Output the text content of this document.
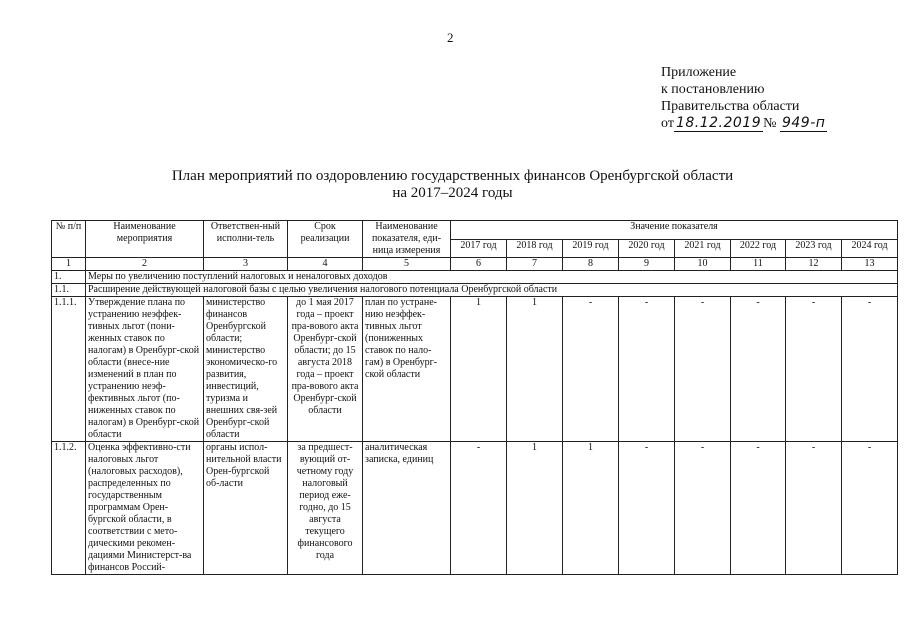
2
Приложение
к постановлению
Правительства области
от 18.12.2019 № 949-п
План мероприятий по оздоровлению государственных финансов Оренбургской области
на 2017–2024 годы
№ п/п	Наименование мероприятия	Ответствен-ный исполни-тель	Срок реализации	Наименование показателя, еди-ница измерения	Значение показателя							
					2017 год	2018 год	2019 год	2020 год	2021 год	2022 год	2023 год	2024 год
1	2	3	4	5	6	7	8	9	10	11	12	13
1.	Меры по увеличению поступлений налоговых и неналоговых доходов											
1.1.	Расширение действующей налоговой базы с целью увеличения налогового потенциала Оренбургской области											
1.1.1.	Утверждение плана по устранению неэффек-тивных льгот (пони-женных ставок по налогам) в Оренбург-ской области (внесе-ние изменений в план по устранению неэф-фективных льгот (по-ниженных ставок по налогам) в Оренбург-ской области	министерство финансов Оренбургской области; министерство экономическо-го развития, инвестиций, туризма и внешних свя-зей Оренбург-ской области	до 1 мая 2017 года – проект пра-вового акта Оренбург-ской области; до 15 августа 2018 года – проект пра-вового акта Оренбург-ской области	план по устране-нию неэффек-тивных льгот (пониженных ставок по нало-гам) в Оренбург-ской области	1	1	-	-	-	-	-	-
1.1.2.	Оценка эффективно-сти налоговых льгот (налоговых расходов), распределенных по государственным программам Орен-бургской области, в соответствии с мето-дическими рекомен-дациями Министерст-ва финансов Россий-	органы испол-нительной власти Орен-бургской об-ласти	за предшест-вующий от-четному году налоговый период еже-годно, до 15 августа текущего финансового года	аналитическая записка, единиц	-	1	1	-	-	-	-	-
